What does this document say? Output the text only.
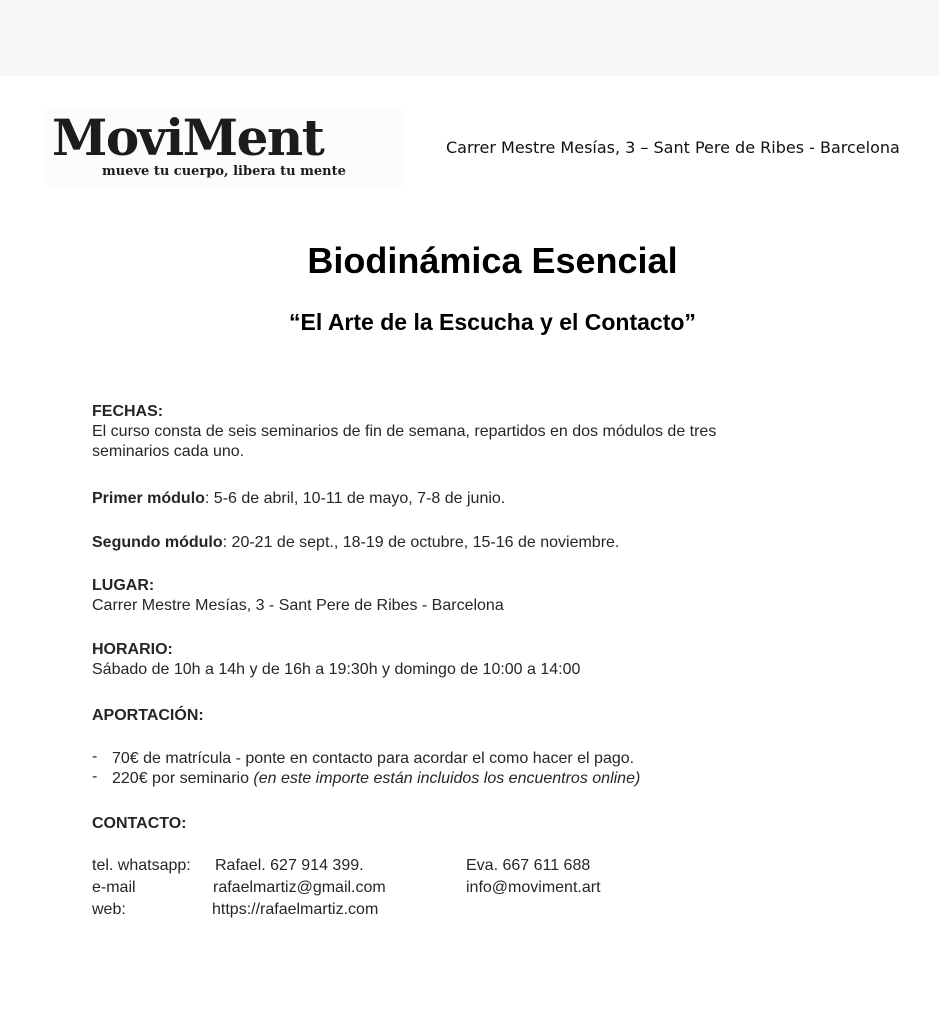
MoviMent
mueve tu cuerpo, libera tu mente
Carrer Mestre Mesías, 3 – Sant Pere de Ribes - Barcelona
Biodinámica Esencial
“El Arte de la Escucha y el Contacto”
FECHAS:
El curso consta de seis seminarios de fin de semana, repartidos en dos módulos de tres
seminarios cada uno.
Primer módulo: 5-6 de abril, 10-11 de mayo, 7-8 de junio.
Segundo módulo: 20-21 de sept., 18-19 de octubre, 15-16 de noviembre.
LUGAR:
Carrer Mestre Mesías, 3 - Sant Pere de Ribes - Barcelona
HORARIO:
Sábado de 10h a 14h y de 16h a 19:30h y domingo de 10:00 a 14:00
APORTACIÓN:
- 70€ de matrícula - ponte en contacto para acordar el como hacer el pago.
- 220€ por seminario (en este importe están incluidos los encuentros online)
CONTACTO:
tel. whatsapp: Rafael. 627 914 399.	Eva. 667 611 688
e-mail	rafaelmartiz@gmail.com	info@moviment.art
web:	https://rafaelmartiz.com
